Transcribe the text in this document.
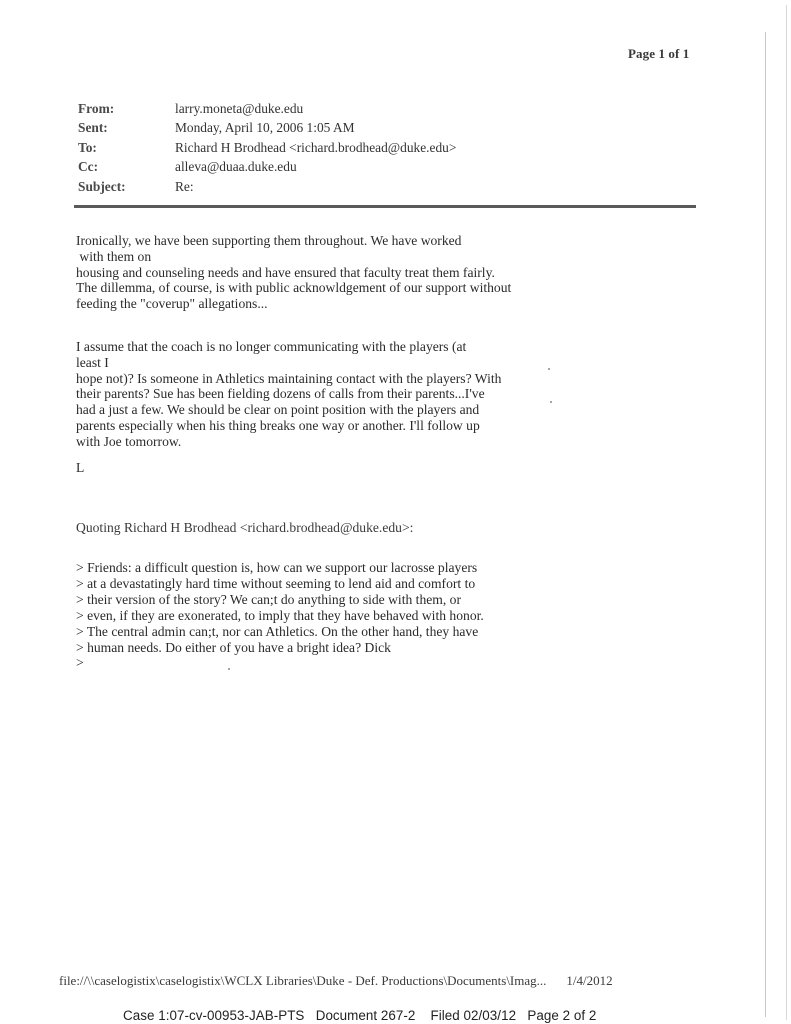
Page 1 of 1
From:	larry.moneta@duke.edu
Sent:	Monday, April 10, 2006 1:05 AM
To:	Richard H Brodhead <richard.brodhead@duke.edu>
Cc:	alleva@duaa.duke.edu
Subject:	Re:
Ironically, we have been supporting them throughout. We have worked
with them on
housing and counseling needs and have ensured that faculty treat them fairly.
The dillemma, of course, is with public acknowldgement of our support without
feeding the "coverup" allegations...
I assume that the coach is no longer communicating with the players (at
least I
hope not)? Is someone in Athletics maintaining contact with the players? With
their parents? Sue has been fielding dozens of calls from their parents...I've
had a just a few. We should be clear on point position with the players and
parents especially when his thing breaks one way or another. I'll follow up
with Joe tomorrow.
L
Quoting Richard H Brodhead <richard.brodhead@duke.edu>:
> Friends: a difficult question is, how can we support our lacrosse players
> at a devastatingly hard time without seeming to lend aid and comfort to
> their version of the story? We can;t do anything to side with them, or
> even, if they are exonerated, to imply that they have behaved with honor.
> The central admin can;t, nor can Athletics. On the other hand, they have
> human needs. Do either of you have a bright idea? Dick
>
file://\\caselogistix\caselogistix\WCLX Libraries\Duke - Def. Productions\Documents\Imag... 1/4/2012
Case 1:07-cv-00953-JAB-PTS   Document 267-2    Filed 02/03/12   Page 2 of 2
